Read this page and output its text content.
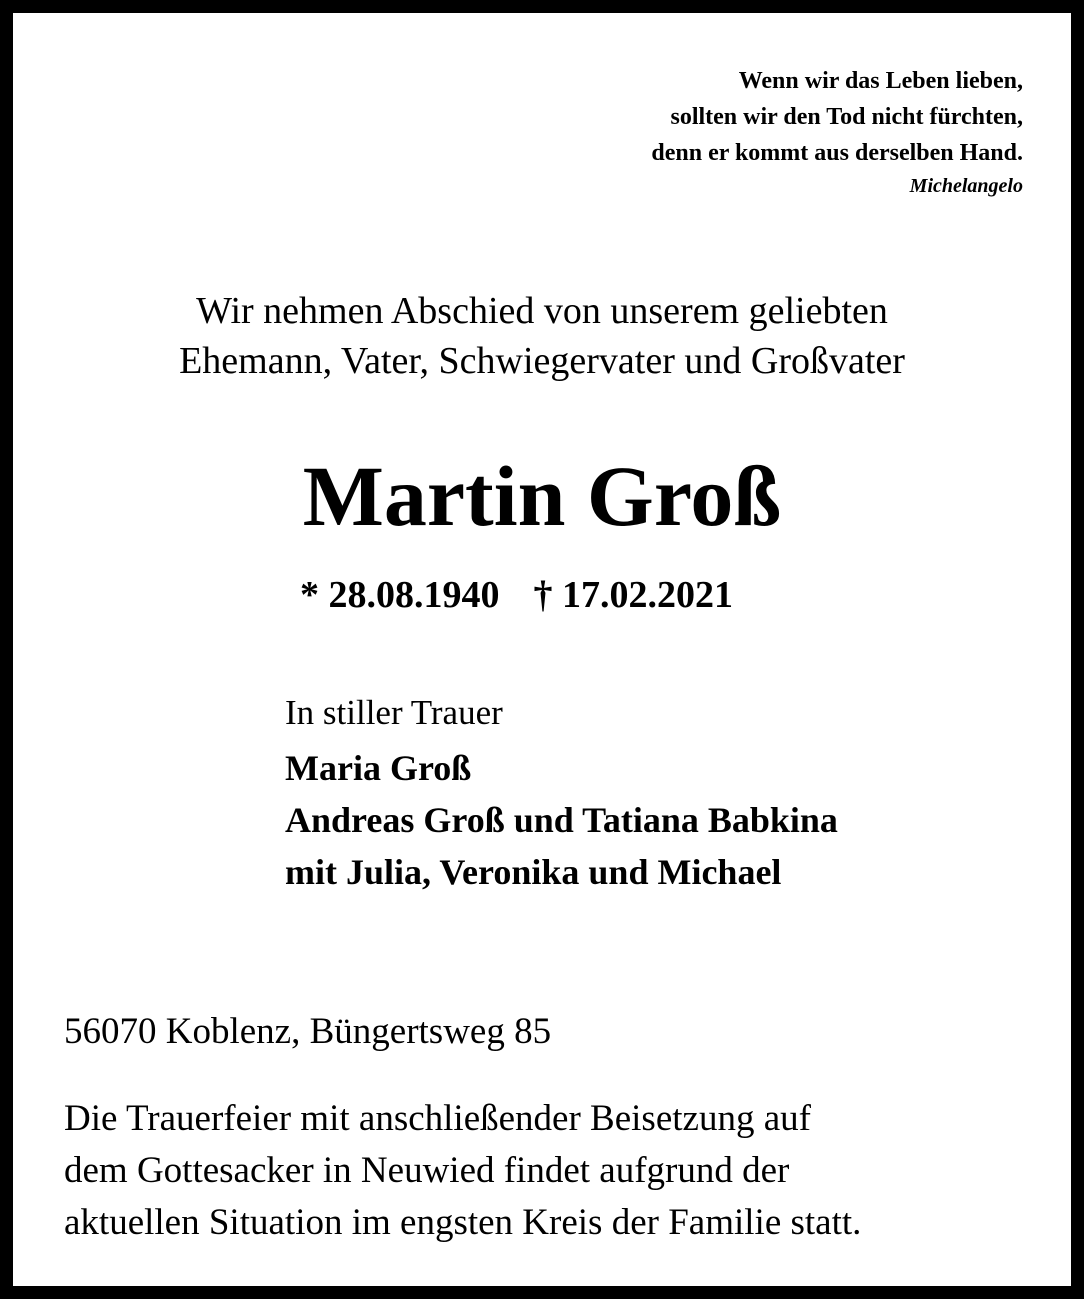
Wenn wir das Leben lieben,
sollten wir den Tod nicht fürchten,
denn er kommt aus derselben Hand.
Michelangelo
Wir nehmen Abschied von unserem geliebten
Ehemann, Vater, Schwiegervater und Großvater
Martin Groß
* 28.08.1940 † 17.02.2021
In stiller Trauer
Maria Groß
Andreas Groß und Tatiana Babkina
mit Julia, Veronika und Michael
56070 Koblenz, Büngertsweg 85
Die Trauerfeier mit anschließender Beisetzung auf
dem Gottesacker in Neuwied findet aufgrund der
aktuellen Situation im engsten Kreis der Familie statt.
